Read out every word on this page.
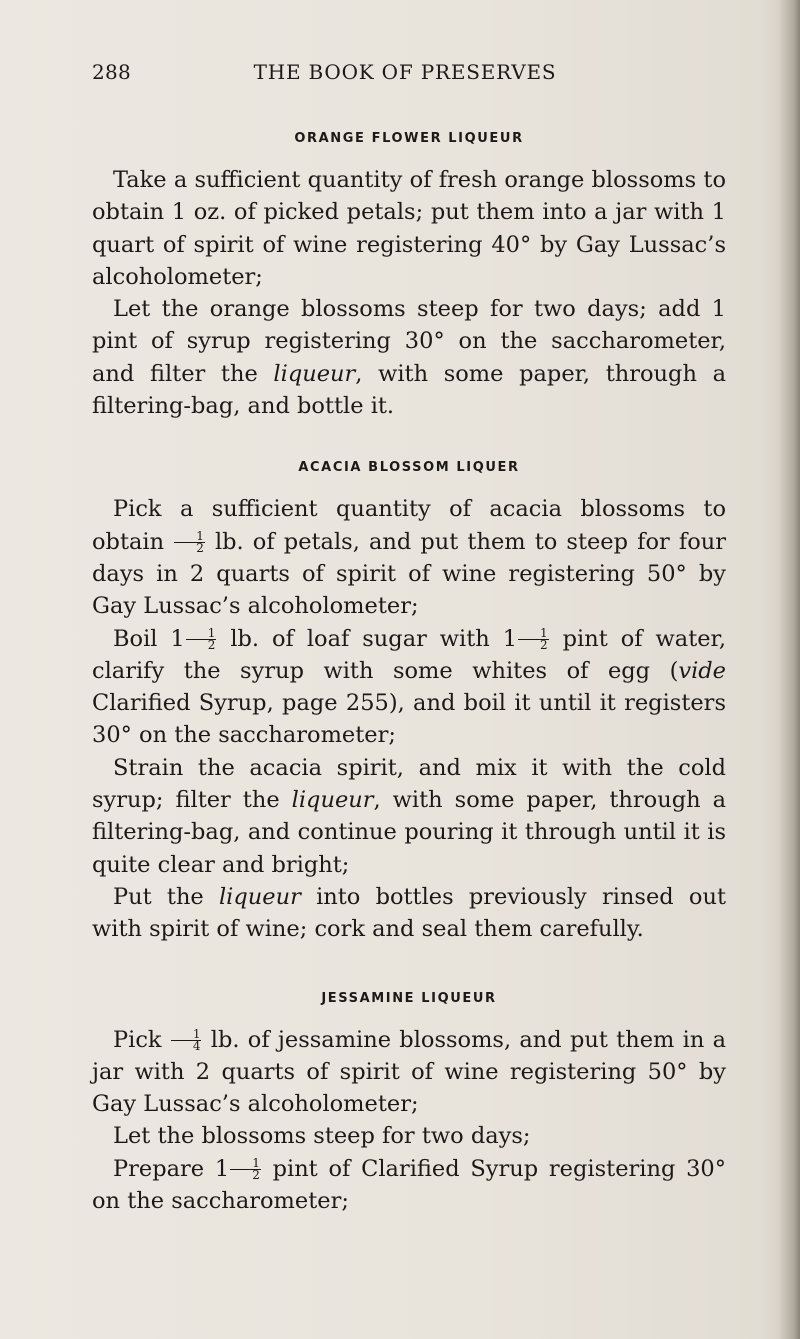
288	THE BOOK OF PRESERVES
ORANGE FLOWER LIQUEUR

Take a sufficient quantity of fresh orange blossoms to obtain 1 oz. of picked petals; put them into a jar with 1 quart of spirit of wine registering 40° by Gay Lussac’s alcoholometer;

Let the orange blossoms steep for two days; add 1 pint of syrup registering 30° on the saccharometer, and filter the liqueur, with some paper, through a filtering-bag, and bottle it.

ACACIA BLOSSOM LIQUER

Pick a sufficient quantity of acacia blossoms to obtain $\frac{1}{2}$ lb. of petals, and put them to steep for four days in 2 quarts of spirit of wine registering 50° by Gay Lussac’s alcoholometer;

Boil $1 \frac{1}{2}$ lb. of loaf sugar with $1 \frac{1}{2}$ pint of water, clarify the syrup with some whites of egg (vide Clarified Syrup, page 255), and boil it until it registers 30° on the saccharometer;

Strain the acacia spirit, and mix it with the cold syrup; filter the liqueur, with some paper, through a filtering-bag, and continue pouring it through until it is quite clear and bright;

Put the liqueur into bottles previously rinsed out with spirit of wine; cork and seal them carefully.

JESSAMINE LIQUEUR

Pick $\frac{1}{4}$ lb. of jessamine blossoms, and put them in a jar with 2 quarts of spirit of wine registering 50° by Gay Lussac’s alcoholometer;

Let the blossoms steep for two days;

Prepare $1 \frac{1}{2}$ pint of Clarified Syrup registering 30° on the saccharometer;
